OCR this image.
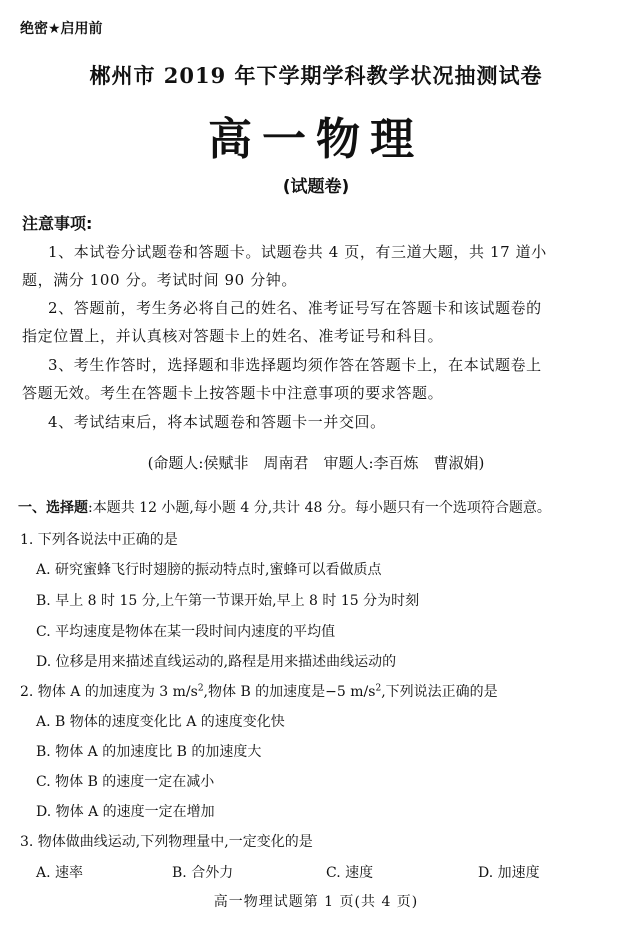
绝密★启用前
郴州市 2019 年下学期学科教学状况抽测试卷
高一物理
(试题卷)
注意事项:
1、本试卷分试题卷和答题卡。试题卷共 4 页，有三道大题，共 17 道小
题，满分 100 分。考试时间 90 分钟。
2、答题前，考生务必将自己的姓名、准考证号写在答题卡和该试题卷的
指定位置上，并认真核对答题卡上的姓名、准考证号和科目。
3、考生作答时，选择题和非选择题均须作答在答题卡上，在本试题卷上
答题无效。考生在答题卡上按答题卡中注意事项的要求答题。
4、考试结束后，将本试题卷和答题卡一并交回。
(命题人:侯赋非　周南君　审题人:李百炼　曹淑娟)
一、选择题:本题共 12 小题,每小题 4 分,共计 48 分。每小题只有一个选项符合题意。
1. 下列各说法中正确的是
A. 研究蜜蜂飞行时翅膀的振动特点时,蜜蜂可以看做质点
B. 早上 8 时 15 分,上午第一节课开始,早上 8 时 15 分为时刻
C. 平均速度是物体在某一段时间内速度的平均值
D. 位移是用来描述直线运动的,路程是用来描述曲线运动的
2. 物体 A 的加速度为 3 $m/s^2$,物体 B 的加速度是−5 $m/s^2$,下列说法正确的是
A. B 物体的速度变化比 A 的速度变化快
B. 物体 A 的加速度比 B 的加速度大
C. 物体 B 的速度一定在减小
D. 物体 A 的速度一定在增加
3. 物体做曲线运动,下列物理量中,一定变化的是
A. 速率	B. 合外力	C. 速度	D. 加速度
高一物理试题第 1 页(共 4 页)
